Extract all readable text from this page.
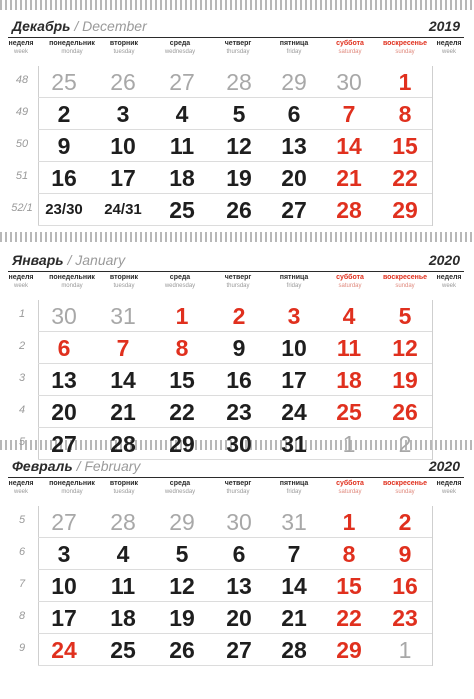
Декабрь / December	2019
неделя
week
понедельник
monday
вторник
tuesday
среда
wednesday
четверг
thursday
пятница
friday
суббота
saturday
воскресенье
sunday
неделя
week
48	25	26	27	28	29	30	1
49	2	3	4	5	6	7	8
50	9	10	11	12	13	14	15
51	16	17	18	19	20	21	22
52/1 23/30	24/31	25	26	27	28	29
Январь / January	2020
неделя
week
понедельник
monday
вторник
tuesday
среда
wednesday
четверг
thursday
пятница
friday
суббота
saturday
воскресенье
sunday
неделя
week
1	30	31	1	2	3	4	5
2	6	7	8	9	10	11	12
3	13	14	15	16	17	18	19
4	20	21	22	23	24	25	26
5	27	28	29	30	31	1	2
Февраль / February	2020
неделя
week
понедельник
monday
вторник
tuesday
среда
wednesday
четверг
thursday
пятница
friday
суббота
saturday
воскресенье
sunday
неделя
week
5	27	28	29	30	31	1	2
6	3	4	5	6	7	8	9
7	10	11	12	13	14	15	16
8	17	18	19	20	21	22	23
9	24	25	26	27	28	29	1
